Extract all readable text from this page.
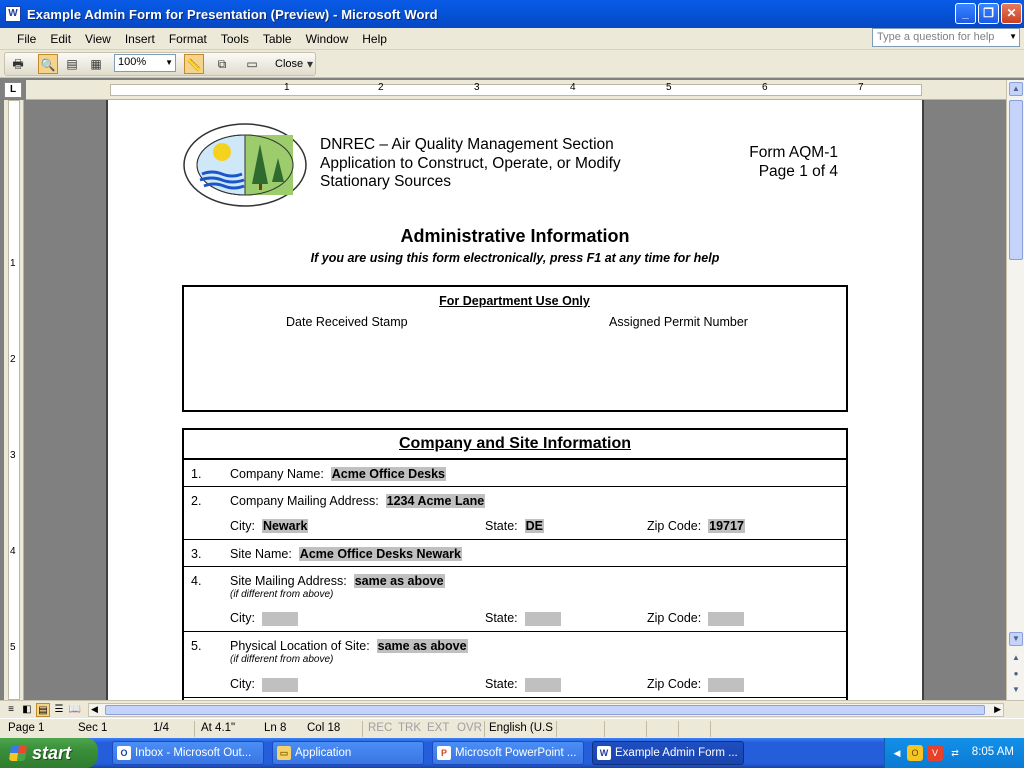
W Example Admin Form for Presentation (Preview) - Microsoft Word	_	❐	✕
File	Edit	View	Insert	Format	Tools	Table	Window	Help	Type a question for help ▼
🖶	🔍 ▤	▦	📏	⧉	▭	▾
100% ▼	Close
L	1	2	3	4	5	6	7
1
2
3
4
5
DNREC – Air Quality Management Section
Application to Construct, Operate, or Modify
Stationary Sources
Form AQM-1
Page 1 of 4
Administrative Information
If you are using this form electronically, press F1 at any time for help
For Department Use Only
Date Received Stamp	Assigned Permit Number
Company and Site Information
1. Company Name: Acme Office Desks
2. Company Mailing Address: 1234 Acme Lane
City: Newark	State: DE	Zip Code: 19717
3. Site Name: Acme Office Desks Newark
4. Site Mailing Address: same as above
(if different from above)
City:	State:	Zip Code:
5. Physical Location of Site: same as above
(if different from above)
City:	State:	Zip Code:
▲
▼
▲
●
▼
≡ ◧ ▤ ☰ 📖 ◀	▶
Page 1	Sec 1	1/4	At 4.1"	Ln 8 Col 18 REC TRK EXT OVR English (U.S
start	O Inbox - Microsoft Out...	▭ Application	P Microsoft PowerPoint ...	W Example Admin Form ...	◀	O	V	⇄	8:05 AM
